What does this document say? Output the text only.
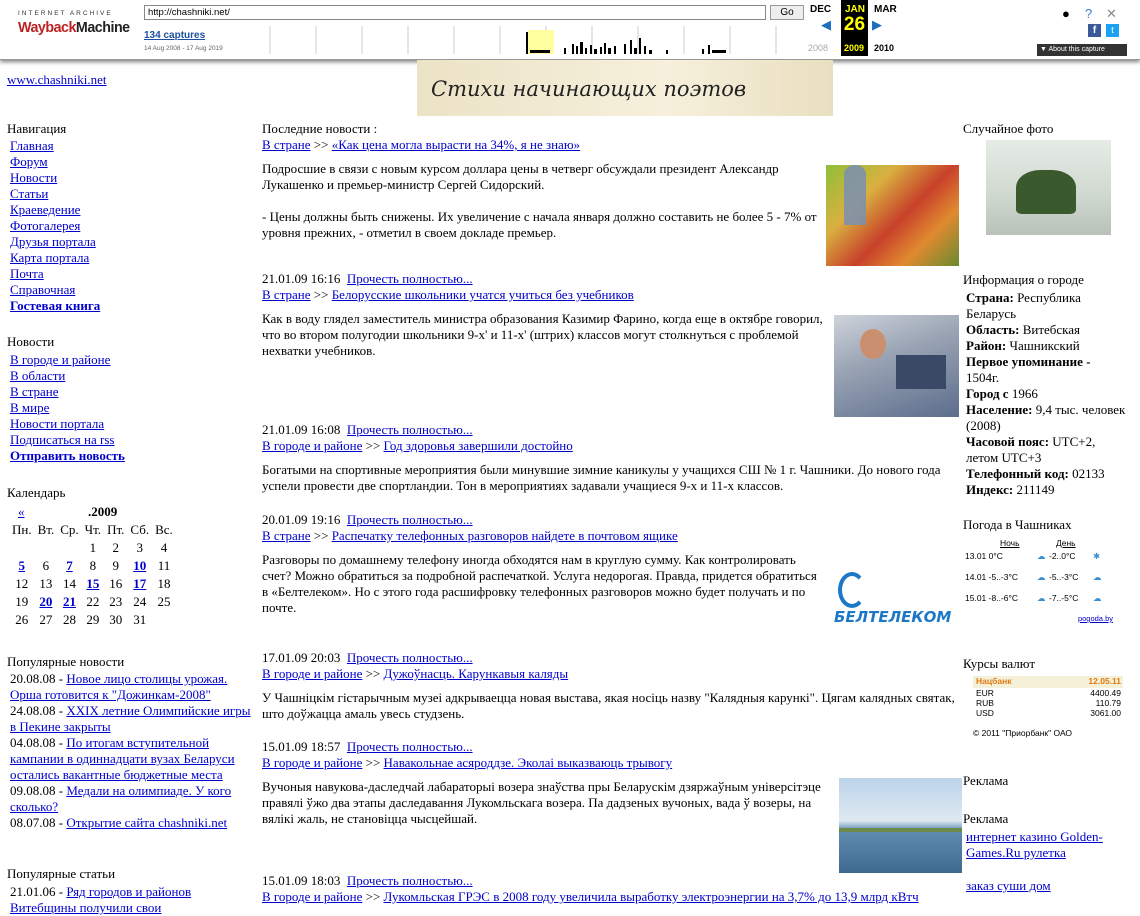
INTERNET ARCHIVE
WaybackMachine
http://chashniki.net/	Go
134 captures
14 Aug 2008 - 17 Aug 2019
DEC JAN MAR
◀ 26 ▶
2008 2009 2010
● ? ✕
f	t
▼ About this capture
www.chashniki.net	Стихи начинающих поэтов
Навигация
Главная
Форум
Новости
Статьи
Краеведение
Фотогалерея
Друзья портала
Карта портала
Почта
Справочная
Гостевая книга
Новости
В городе и районе
В области
В стране
В мире
Новости портала
Подписаться на rss
Отправить новость
Календарь
«	.2009
Пн.	Вт.	Ср.	Чт.	Пт.	Сб.	Вс.
			1	2	3	4
5	6	7	8	9	10	11
12	13	14	15	16	17	18
19	20	21	22	23	24	25
26	27	28	29	30	31	
Популярные новости
20.08.08 - Новое лицо столицы урожая. Орша готовится к "Дожинкам-2008"
24.08.08 - XXIX летние Олимпийские игры в Пекине закрыты
04.08.08 - По итогам вступительной кампании в одиннадцати вузах Беларуси остались вакантные бюджетные места
09.08.08 - Медали на олимпиаде. У кого сколько?
08.07.08 - Открытие сайта chashniki.net
Популярные статьи
21.01.06 - Ряд городов и районов Витебщины получили свои
Последние новости :

В стране >> «Как цена могла вырасти на 34%, я не знаю»

Подросшие в связи с новым курсом доллара цены в четверг обсуждали президент Александр Лукашенко и премьер-министр Сергей Сидорский.

- Цены должны быть снижены. Их увеличение с начала января должно составить не более 5 - 7% от уровня прежних, - отметил в своем докладе премьер.

21.01.09 16:16 Прочесть полностью...

В стране >> Белорусские школьники учатся учиться без учебников

Как в воду глядел заместитель министра образования Казимир Фарино, когда еще в октябре говорил, что во втором полугодии школьники 9-х' и 11-х' (штрих) классов могут столкнуться с проблемой нехватки учебников.

21.01.09 16:08 Прочесть полностью...

В городе и районе >> Год здоровья завершили достойно

Богатыми на спортивные мероприятия были минувшие зимние каникулы у учащихся СШ № 1 г. Чашники. До нового года успели провести две спортландии. Тон в мероприятиях задавали учащиеся 9-х и 11-х классов.

20.01.09 19:16 Прочесть полностью...

В стране >> Распечатку телефонных разговоров найдете в почтовом ящике

Разговоры по домашнему телефону иногда обходятся нам в круглую сумму. Как контролировать счет? Можно обратиться за подробной распечаткой. Услуга недорогая. Правда, придется обратиться в «Белтелеком». Но с этого года расшифровку телефонных разговоров можно будет получать и по почте.

БЕЛТЕЛЕКОМ

17.01.09 20:03 Прочесть полностью...

В городе и районе >> Дужоўнасць. Карункавыя каляды

У Чашніцкім гістарычным музеі адкрываецца новая выстава, якая носіць назву "Калядныя карункі". Цягам калядных святак, што доўжацца амаль увесь студзень.

15.01.09 18:57 Прочесть полностью...

В городе и районе >> Навакольнае асяроддзе. Эколаі выказваюць трывогу

Вучоныя навукова-даследчай лабараторыі возера знаўства пры Беларускім дзяржаўным універсітэце правялі ўжо два этапы даследавання Лукомльскага возера. Па дадзеных вучоных, вада ў возеры, на вялікі жаль, не становіцца чысцейшай.

15.01.09 18:03 Прочесть полностью...

В городе и районе >> Лукомльская ГРЭС в 2008 году увеличила выработку электроэнергии на 3,7% до 13,9 млрд кВтч

Случайное фото
Информация о городе
Страна: Республика Беларусь
Область: Витебская
Район: Чашникский
Первое упоминание - 1504г.
Город с 1966
Население: 9,4 тыс. человек (2008)
Часовой пояс: UTC+2, летом UTC+3
Телефонный код: 02133
Индекс: 211149
Погода в Чашниках
Ночь	День
13.01 0°C	☁ -2..0°C ✱
14.01 -5..-3°C ☁ -5..-3°C ☁
15.01 -8..-6°C ☁ -7..-5°C ☁
pogoda.by
Курсы валют
Нацбанк	12.05.11
EUR	4400.49
RUB	110.79
USD	3061.00
© 2011 "Приорбанк" ОАО
Реклама
Реклама
интернет казино Golden-Games.Ru рулетка
заказ суши дом
